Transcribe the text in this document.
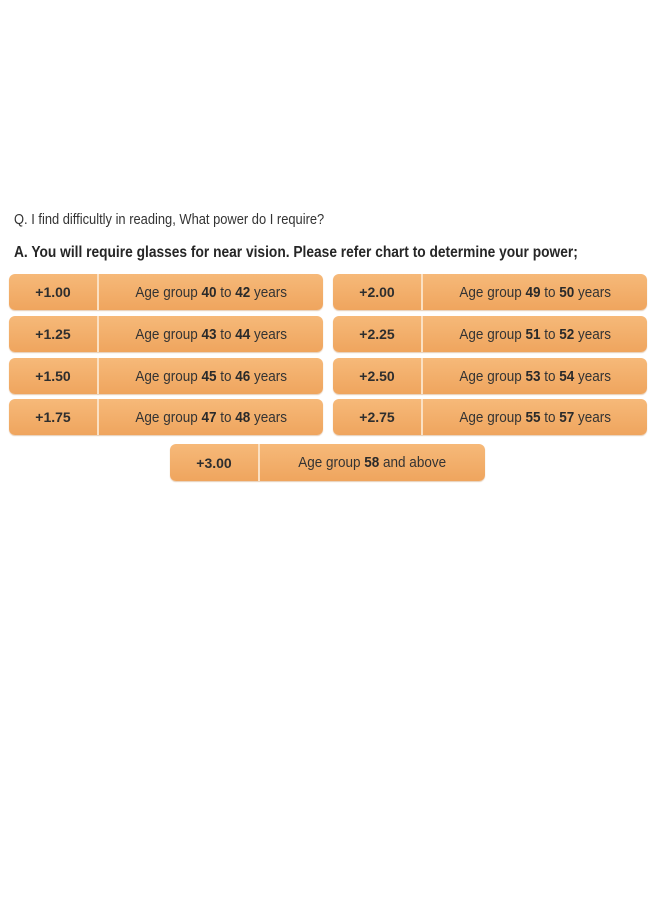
Q. I find difficultly in reading, What power do I require?
A. You will require glasses for near vision. Please refer chart to determine your power;
+1.00	Age group 40 to 42 years
+1.25	Age group 43 to 44 years
+1.50	Age group 45 to 46 years
+1.75	Age group 47 to 48 years
+2.00	Age group 49 to 50 years
+2.25	Age group 51 to 52 years
+2.50	Age group 53 to 54 years
+2.75	Age group 55 to 57 years
+3.00	Age group 58 and above
